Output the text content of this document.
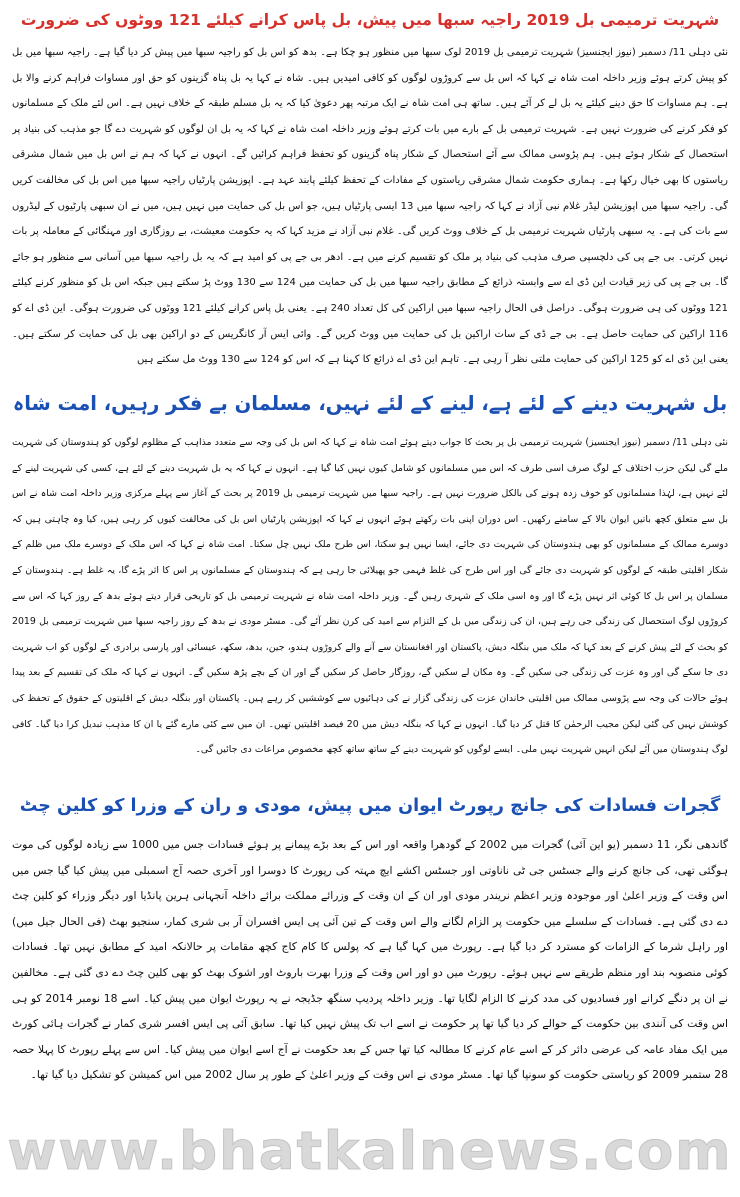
شہریت ترمیمی بل 2019 راجیہ سبھا میں پیش، بل پاس کرانے کیلئے 121 ووٹوں کی ضرورت

نئی دہلی 11/ دسمبر (نیوز ایجنسیز) شہریت ترمیمی بل 2019 لوک سبھا میں منظور ہو چکا ہے۔ بدھ کو اس بل کو راجیہ سبھا میں پیش کر دیا گیا ہے۔ راجیہ سبھا میں بل کو پیش کرتے ہوئے وزیر داخلہ امت شاہ نے کہا کہ اس بل سے کروڑوں لوگوں کو کافی امیدیں ہیں۔ شاہ نے کہا یہ بل پناہ گزینوں کو حق اور مساوات فراہم کرنے والا بل ہے۔ ہم مساوات کا حق دینے کیلئے یہ بل لے کر آئے ہیں۔ ساتھ ہی امت شاہ نے ایک مرتبہ پھر دعویٰ کیا کہ یہ بل مسلم طبقہ کے خلاف نہیں ہے۔ اس لئے ملک کے مسلمانوں کو فکر کرنے کی ضرورت نہیں ہے۔ شہریت ترمیمی بل کے بارے میں بات کرتے ہوئے وزیر داخلہ امت شاہ نے کہا کہ یہ بل ان لوگوں کو شہریت دے گا جو مذہب کی بنیاد پر استحصال کے شکار ہوئے ہیں۔ ہم پڑوسی ممالک سے آئے استحصال کے شکار پناہ گزینوں کو تحفظ فراہم کرائیں گے۔ انہوں نے کہا کہ ہم نے اس بل میں شمال مشرقی ریاستوں کا بھی خیال رکھا ہے۔ ہماری حکومت شمال مشرقی ریاستوں کے مفادات کے تحفظ کیلئے پابند عہد ہے۔ اپوزیشن پارٹیاں راجیہ سبھا میں اس بل کی مخالفت کریں گی۔ راجیہ سبھا میں اپوزیشن لیڈر غلام نبی آزاد نے کہا کہ راجیہ سبھا میں 13 ایسی پارٹیاں ہیں، جو اس بل کی حمایت میں نہیں ہیں، میں نے ان سبھی پارٹیوں کے لیڈروں سے بات کی ہے۔ یہ سبھی پارٹیاں شہریت ترمیمی بل کے خلاف ووٹ کریں گی۔ غلام نبی آزاد نے مزید کہا کہ یہ حکومت معیشت، بے روزگاری اور مہنگائی کے معاملہ پر بات نہیں کرتی۔ بی جے پی کی دلچسپی صرف مذہب کی بنیاد پر ملک کو تقسیم کرنے میں ہے۔ ادھر بی جے پی کو امید ہے کہ یہ بل راجیہ سبھا میں آسانی سے منظور ہو جائے گا۔ بی جے پی کی زیر قیادت این ڈی اے سے وابستہ ذرائع کے مطابق راجیہ سبھا میں بل کی حمایت میں 124 سے 130 ووٹ پڑ سکتے ہیں جبکہ اس بل کو منظور کرنے کیلئے 121 ووٹوں کی ہی ضرورت ہوگی۔ دراصل فی الحال راجیہ سبھا میں اراکین کی کل تعداد 240 ہے۔ یعنی بل پاس کرانے کیلئے 121 ووٹوں کی ضرورت ہوگی۔ این ڈی اے کو 116 اراکین کی حمایت حاصل ہے۔ بی جے ڈی کے سات اراکین بل کی حمایت میں ووٹ کریں گے۔ وائی ایس آر کانگریس کے دو اراکین بھی بل کی حمایت کر سکتے ہیں۔ یعنی این ڈی اے کو 125 اراکین کی حمایت ملتی نظر آ رہی ہے۔ تاہم این ڈی اے ذرائع کا کہنا ہے کہ اس کو 124 سے 130 ووٹ مل سکتے ہیں

بل شہریت دینے کے لئے ہے، لینے کے لئے نہیں، مسلمان بے فکر رہیں، امت شاہ

نئی دہلی 11/ دسمبر (نیوز ایجنسیز) شہریت ترمیمی بل پر بحث کا جواب دیتے ہوئے امت شاہ نے کہا کہ اس بل کی وجہ سے متعدد مذاہب کے مظلوم لوگوں کو ہندوستان کی شہریت ملے گی لیکن حزب اختلاف کے لوگ صرف اسی طرف کہ اس میں مسلمانوں کو شامل کیوں نہیں کیا گیا ہے۔ انہوں نے کہا کہ یہ بل شہریت دینے کے لئے ہے، کسی کی شہریت لینے کے لئے نہیں ہے، لہٰذا مسلمانوں کو خوف زدہ ہونے کی بالکل ضرورت نہیں ہے۔ راجیہ سبھا میں شہریت ترمیمی بل 2019 پر بحث کے آغاز سے پہلے مرکزی وزیر داخلہ امت شاہ نے اس بل سے متعلق کچھ باتیں ایوان بالا کے سامنے رکھیں۔ اس دوران اپنی بات رکھتے ہوئے انہوں نے کہا کہ اپوزیشن پارٹیاں اس بل کی مخالفت کیوں کر رہی ہیں، کیا وہ چاہتی ہیں کہ دوسرے ممالک کے مسلمانوں کو بھی ہندوستان کی شہریت دی جائے، ایسا نہیں ہو سکتا، اس طرح ملک نہیں چل سکتا۔ امت شاہ نے کہا کہ اس ملک کے دوسرے ملک میں ظلم کے شکار اقلیتی طبقہ کے لوگوں کو شہریت دی جائے گی اور اس طرح کی غلط فہمی جو پھیلائی جا رہی ہے کہ ہندوستان کے مسلمانوں پر اس کا اثر پڑے گا، یہ غلط ہے۔ ہندوستان کے مسلمان پر اس بل کا کوئی اثر نہیں پڑے گا اور وہ اسی ملک کے شہری رہیں گے۔ وزیر داخلہ امت شاہ نے شہریت ترمیمی بل کو تاریخی قرار دیتے ہوئے بدھ کے روز کہا کہ اس سے کروڑوں لوگ استحصال کی زندگی جی رہے ہیں، ان کی زندگی میں بل کے التزام سے امید کی کرن نظر آئے گی۔ مسٹر مودی نے بدھ کے روز راجیہ سبھا میں شہریت ترمیمی بل 2019 کو بحث کے لئے پیش کرنے کے بعد کہا کہ ملک میں بنگلہ دیش، پاکستان اور افغانستان سے آنے والے کروڑوں ہندو، جین، بدھ، سکھ، عیسائی اور پارسی برادری کے لوگوں کو اب شہریت دی جا سکے گی اور وہ عزت کی زندگی جی سکیں گے۔ وہ مکان لے سکیں گے، روزگار حاصل کر سکیں گے اور ان کے بچے پڑھ سکیں گے۔ انہوں نے کہا کہ ملک کی تقسیم کے بعد پیدا ہوئے حالات کی وجہ سے پڑوسی ممالک میں اقلیتی خاندان عزت کی زندگی گزار نے کی دہائیوں سے کوششیں کر رہے ہیں۔ پاکستان اور بنگلہ دیش کے اقلیتوں کے حقوق کے تحفظ کی کوشش نہیں کی گئی لیکن مجیب الرحمٰن کا قتل کر دیا گیا۔ انہوں نے کہا کہ بنگلہ دیش میں 20 فیصد اقلیتیں تھیں۔ ان میں سے کئی مارے گئے یا ان کا مذہب تبدیل کرا دیا گیا۔ کافی لوگ ہندوستان میں آئے لیکن انہیں شہریت نہیں ملی۔ ایسے لوگوں کو شہریت دینے کے ساتھ ساتھ کچھ مخصوص مراعات دی جائیں گی۔

گجرات فسادات کی جانچ رپورٹ ایوان میں پیش، مودی و ران کے وزرا کو کلین چٹ

گاندھی نگر، 11 دسمبر (یو این آئی) گجرات میں 2002 کے گودھرا واقعہ اور اس کے بعد بڑے پیمانے پر ہوئے فسادات جس میں 1000 سے زیادہ لوگوں کی موت ہوگئی تھی، کی جانچ کرنے والے جسٹس جی ٹی ناناوتی اور جسٹس اکشے ایچ مہتہ کی رپورٹ کا دوسرا اور آخری حصہ آج اسمبلی میں پیش کیا گیا جس میں اس وقت کے وزیر اعلیٰ اور موجودہ وزیر اعظم نریندر مودی اور ان کے ان وقت کے وزرائے مملکت برائے داخلہ آنجہانی ہرین پانڈیا اور دیگر وزراء کو کلین چٹ دے دی گئی ہے۔ فسادات کے سلسلے میں حکومت پر الزام لگانے والے اس وقت کے تین آئی پی ایس افسران آر بی شری کمار، سنجیو بھٹ (فی الحال جیل میں) اور راہل شرما کے الزامات کو مسترد کر دیا گیا ہے۔ رپورٹ میں کہا گیا ہے کہ پولس کا کام کاج کچھ مقامات پر حالانکہ امید کے مطابق نہیں تھا۔ فسادات کوئی منصوبہ بند اور منظم طریقے سے نہیں ہوئے۔ رپورٹ میں دو اور اس وقت کے وزرا بھرت باروٹ اور اشوک بھٹ کو بھی کلین چٹ دے دی گئی ہے۔ مخالفین نے ان پر دنگے کرانے اور فسادیوں کی مدد کرنے کا الزام لگایا تھا۔ وزیر داخلہ پردیپ سنگھ جڈیجہ نے یہ رپورٹ ایوان میں پیش کیا۔ اسے 18 نومبر 2014 کو ہی اس وقت کی آنندی بین حکومت کے حوالے کر دیا گیا تھا پر حکومت نے اسے اب تک پیش نہیں کیا تھا۔ سابق آئی پی ایس افسر شری کمار نے گجرات ہائی کورٹ میں ایک مفاد عامہ کی عرضی دائر کر کے اسے عام کرنے کا مطالبہ کیا تھا جس کے بعد حکومت نے آج اسے ایوان میں پیش کیا۔ اس سے پہلے رپورٹ کا پہلا حصہ 28 ستمبر 2009 کو ریاستی حکومت کو سونپا گیا تھا۔ مسٹر مودی نے اس وقت کے وزیر اعلیٰ کے طور پر سال 2002 میں اس کمیشن کو تشکیل دیا گیا تھا۔

www.bhatkalnews.com
